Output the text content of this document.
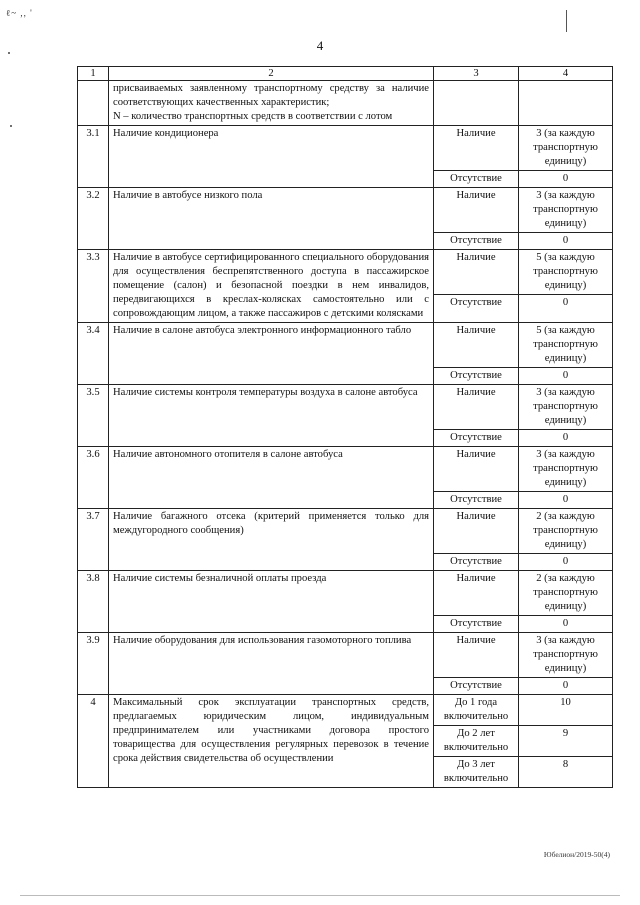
ℓ~ ,, '
4
1	2	3	4
	присваиваемых заявленному транспортному средству за наличие соответствующих качественных характеристик;
N – количество транспортных средств в соответствии с лотом		
3.1	Наличие кондиционера	Наличие	3 (за каждую транспортную единицу)
		Отсутствие	0
3.2	Наличие в автобусе низкого пола	Наличие	3 (за каждую транспортную единицу)
		Отсутствие	0
3.3	Наличие в автобусе сертифицированного специального оборудования для осуществления беспрепятственного доступа в пассажирское помещение (салон) и безопасной поездки в нем инвалидов, передвигающихся в креслах-колясках самостоятельно или с сопровождающим лицом, а также пассажиров с детскими колясками	Наличие	5 (за каждую транспортную единицу)
		Отсутствие	0
3.4	Наличие в салоне автобуса электронного информационного табло	Наличие	5 (за каждую транспортную единицу)
		Отсутствие	0
3.5	Наличие системы контроля температуры воздуха в салоне автобуса	Наличие	3 (за каждую транспортную единицу)
		Отсутствие	0
3.6	Наличие автономного отопителя в салоне автобуса	Наличие	3 (за каждую транспортную единицу)
		Отсутствие	0
3.7	Наличие багажного отсека (критерий применяется только для междугородного сообщения)	Наличие	2 (за каждую транспортную единицу)
		Отсутствие	0
3.8	Наличие системы безналичной оплаты проезда	Наличие	2 (за каждую транспортную единицу)
		Отсутствие	0
3.9	Наличие оборудования для использования газомоторного топлива	Наличие	3 (за каждую транспортную единицу)
		Отсутствие	0
4	Максимальный срок эксплуатации транспортных средств, предлагаемых юридическим лицом, индивидуальным предпринимателем или участниками договора простого товарищества для осуществления регулярных перевозок в течение срока действия свидетельства об осуществлении	До 1 года включительно	10
		До 2 лет включительно	9
		До 3 лет включительно	8
Юбелион/2019-50(4)
